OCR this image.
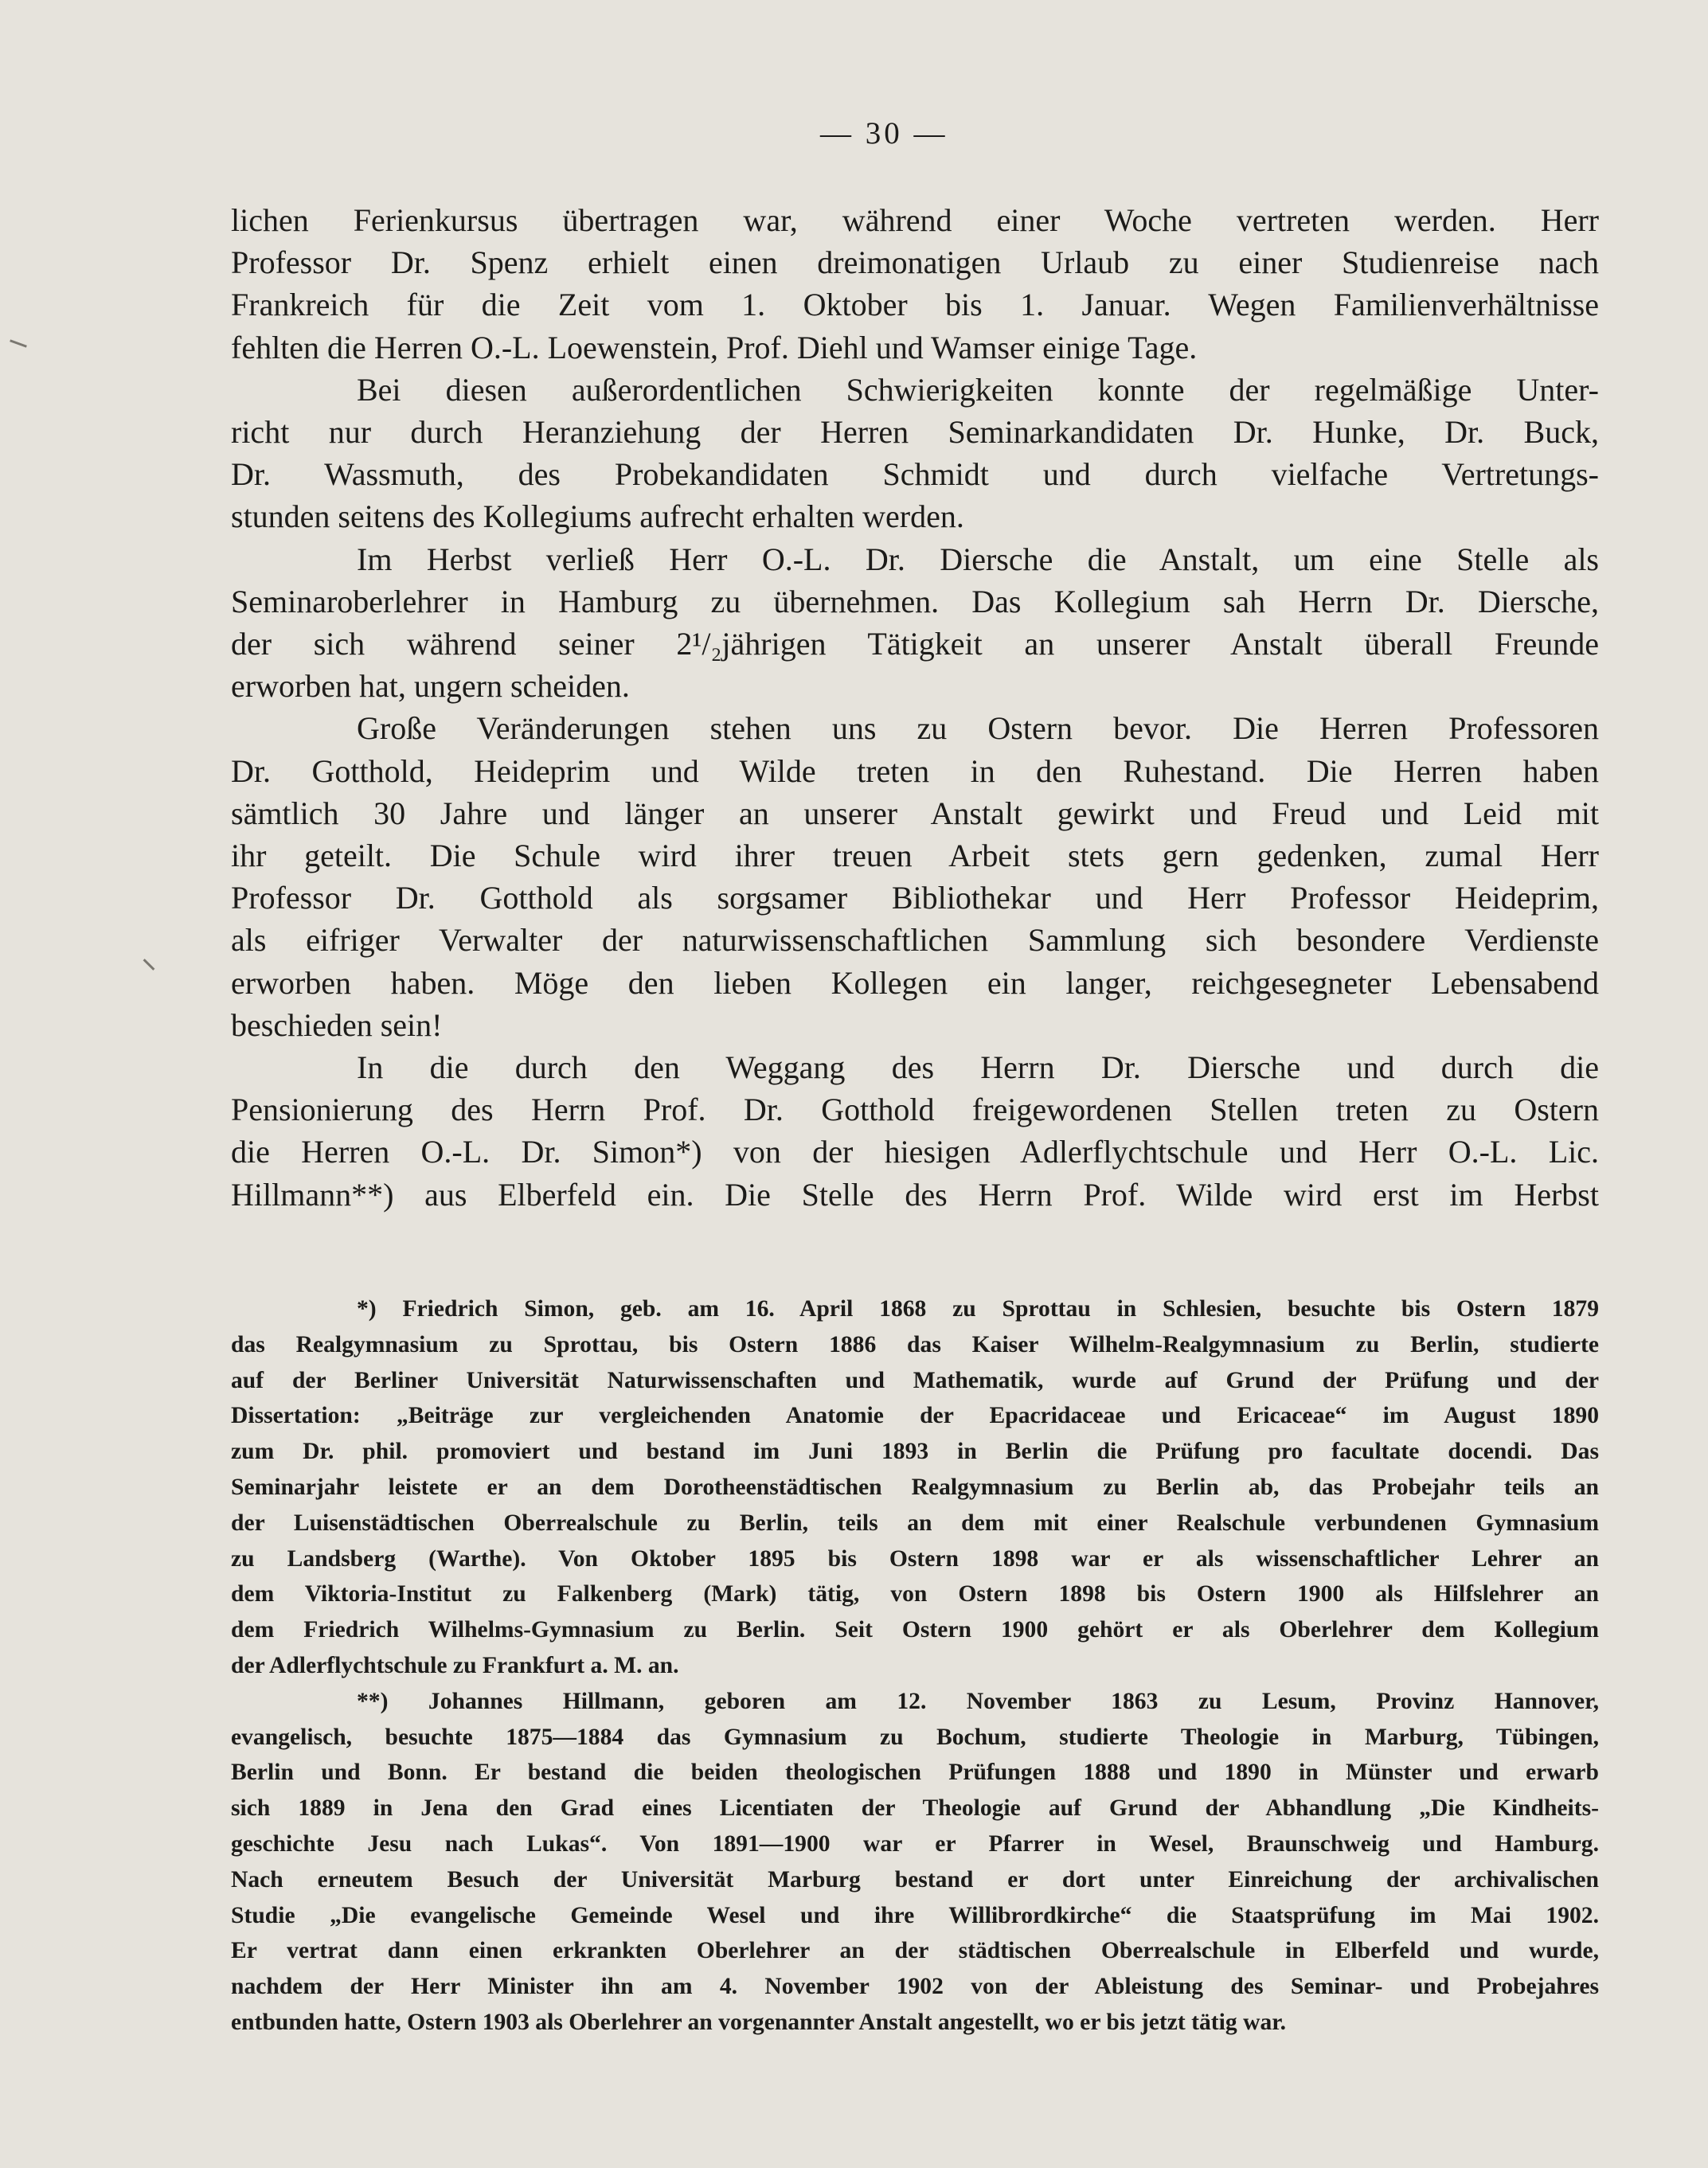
— 30 —

lichen Ferienkursus übertragen war, während einer Woche vertreten werden. Herr
Professor Dr. Spenz erhielt einen dreimonatigen Urlaub zu einer Studienreise nach
Frankreich für die Zeit vom 1. Oktober bis 1. Januar. Wegen Familienverhältnisse
fehlten die Herren O.-L. Loewenstein, Prof. Diehl und Wamser einige Tage.

Bei diesen außerordentlichen Schwierigkeiten konnte der regelmäßige Unter-
richt nur durch Heranziehung der Herren Seminarkandidaten Dr. Hunke, Dr. Buck,
Dr. Wassmuth, des Probekandidaten Schmidt und durch vielfache Vertretungs-
stunden seitens des Kollegiums aufrecht erhalten werden.

Im Herbst verließ Herr O.-L. Dr. Diersche die Anstalt, um eine Stelle als
Seminaroberlehrer in Hamburg zu übernehmen. Das Kollegium sah Herrn Dr. Diersche,
der sich während seiner 2¹/₂jährigen Tätigkeit an unserer Anstalt überall Freunde
erworben hat, ungern scheiden.

Große Veränderungen stehen uns zu Ostern bevor. Die Herren Professoren
Dr. Gotthold, Heideprim und Wilde treten in den Ruhestand. Die Herren haben
sämtlich 30 Jahre und länger an unserer Anstalt gewirkt und Freud und Leid mit
ihr geteilt. Die Schule wird ihrer treuen Arbeit stets gern gedenken, zumal Herr
Professor Dr. Gotthold als sorgsamer Bibliothekar und Herr Professor Heideprim,
als eifriger Verwalter der naturwissenschaftlichen Sammlung sich besondere Verdienste
erworben haben. Möge den lieben Kollegen ein langer, reichgesegneter Lebensabend
beschieden sein!

In die durch den Weggang des Herrn Dr. Diersche und durch die
Pensionierung des Herrn Prof. Dr. Gotthold freigewordenen Stellen treten zu Ostern
die Herren O.-L. Dr. Simon*) von der hiesigen Adlerflychtschule und Herr O.-L. Lic.
Hillmann**) aus Elberfeld ein. Die Stelle des Herrn Prof. Wilde wird erst im Herbst

*) Friedrich Simon, geb. am 16. April 1868 zu Sprottau in Schlesien, besuchte bis Ostern 1879
das Realgymnasium zu Sprottau, bis Ostern 1886 das Kaiser Wilhelm-Realgymnasium zu Berlin, studierte
auf der Berliner Universität Naturwissenschaften und Mathematik, wurde auf Grund der Prüfung und der
Dissertation: „Beiträge zur vergleichenden Anatomie der Epacridaceae und Ericaceae“ im August 1890
zum Dr. phil. promoviert und bestand im Juni 1893 in Berlin die Prüfung pro facultate docendi. Das
Seminarjahr leistete er an dem Dorotheenstädtischen Realgymnasium zu Berlin ab, das Probejahr teils an
der Luisenstädtischen Oberrealschule zu Berlin, teils an dem mit einer Realschule verbundenen Gymnasium
zu Landsberg (Warthe). Von Oktober 1895 bis Ostern 1898 war er als wissenschaftlicher Lehrer an
dem Viktoria-Institut zu Falkenberg (Mark) tätig, von Ostern 1898 bis Ostern 1900 als Hilfslehrer an
dem Friedrich Wilhelms-Gymnasium zu Berlin. Seit Ostern 1900 gehört er als Oberlehrer dem Kollegium
der Adlerflychtschule zu Frankfurt a. M. an.
**) Johannes Hillmann, geboren am 12. November 1863 zu Lesum, Provinz Hannover,
evangelisch, besuchte 1875—1884 das Gymnasium zu Bochum, studierte Theologie in Marburg, Tübingen,
Berlin und Bonn. Er bestand die beiden theologischen Prüfungen 1888 und 1890 in Münster und erwarb
sich 1889 in Jena den Grad eines Licentiaten der Theologie auf Grund der Abhandlung „Die Kindheits-
geschichte Jesu nach Lukas“. Von 1891—1900 war er Pfarrer in Wesel, Braunschweig und Hamburg.
Nach erneutem Besuch der Universität Marburg bestand er dort unter Einreichung der archivalischen
Studie „Die evangelische Gemeinde Wesel und ihre Willibrordkirche“ die Staatsprüfung im Mai 1902.
Er vertrat dann einen erkrankten Oberlehrer an der städtischen Oberrealschule in Elberfeld und wurde,
nachdem der Herr Minister ihn am 4. November 1902 von der Ableistung des Seminar- und Probejahres
entbunden hatte, Ostern 1903 als Oberlehrer an vorgenannter Anstalt angestellt, wo er bis jetzt tätig war.
